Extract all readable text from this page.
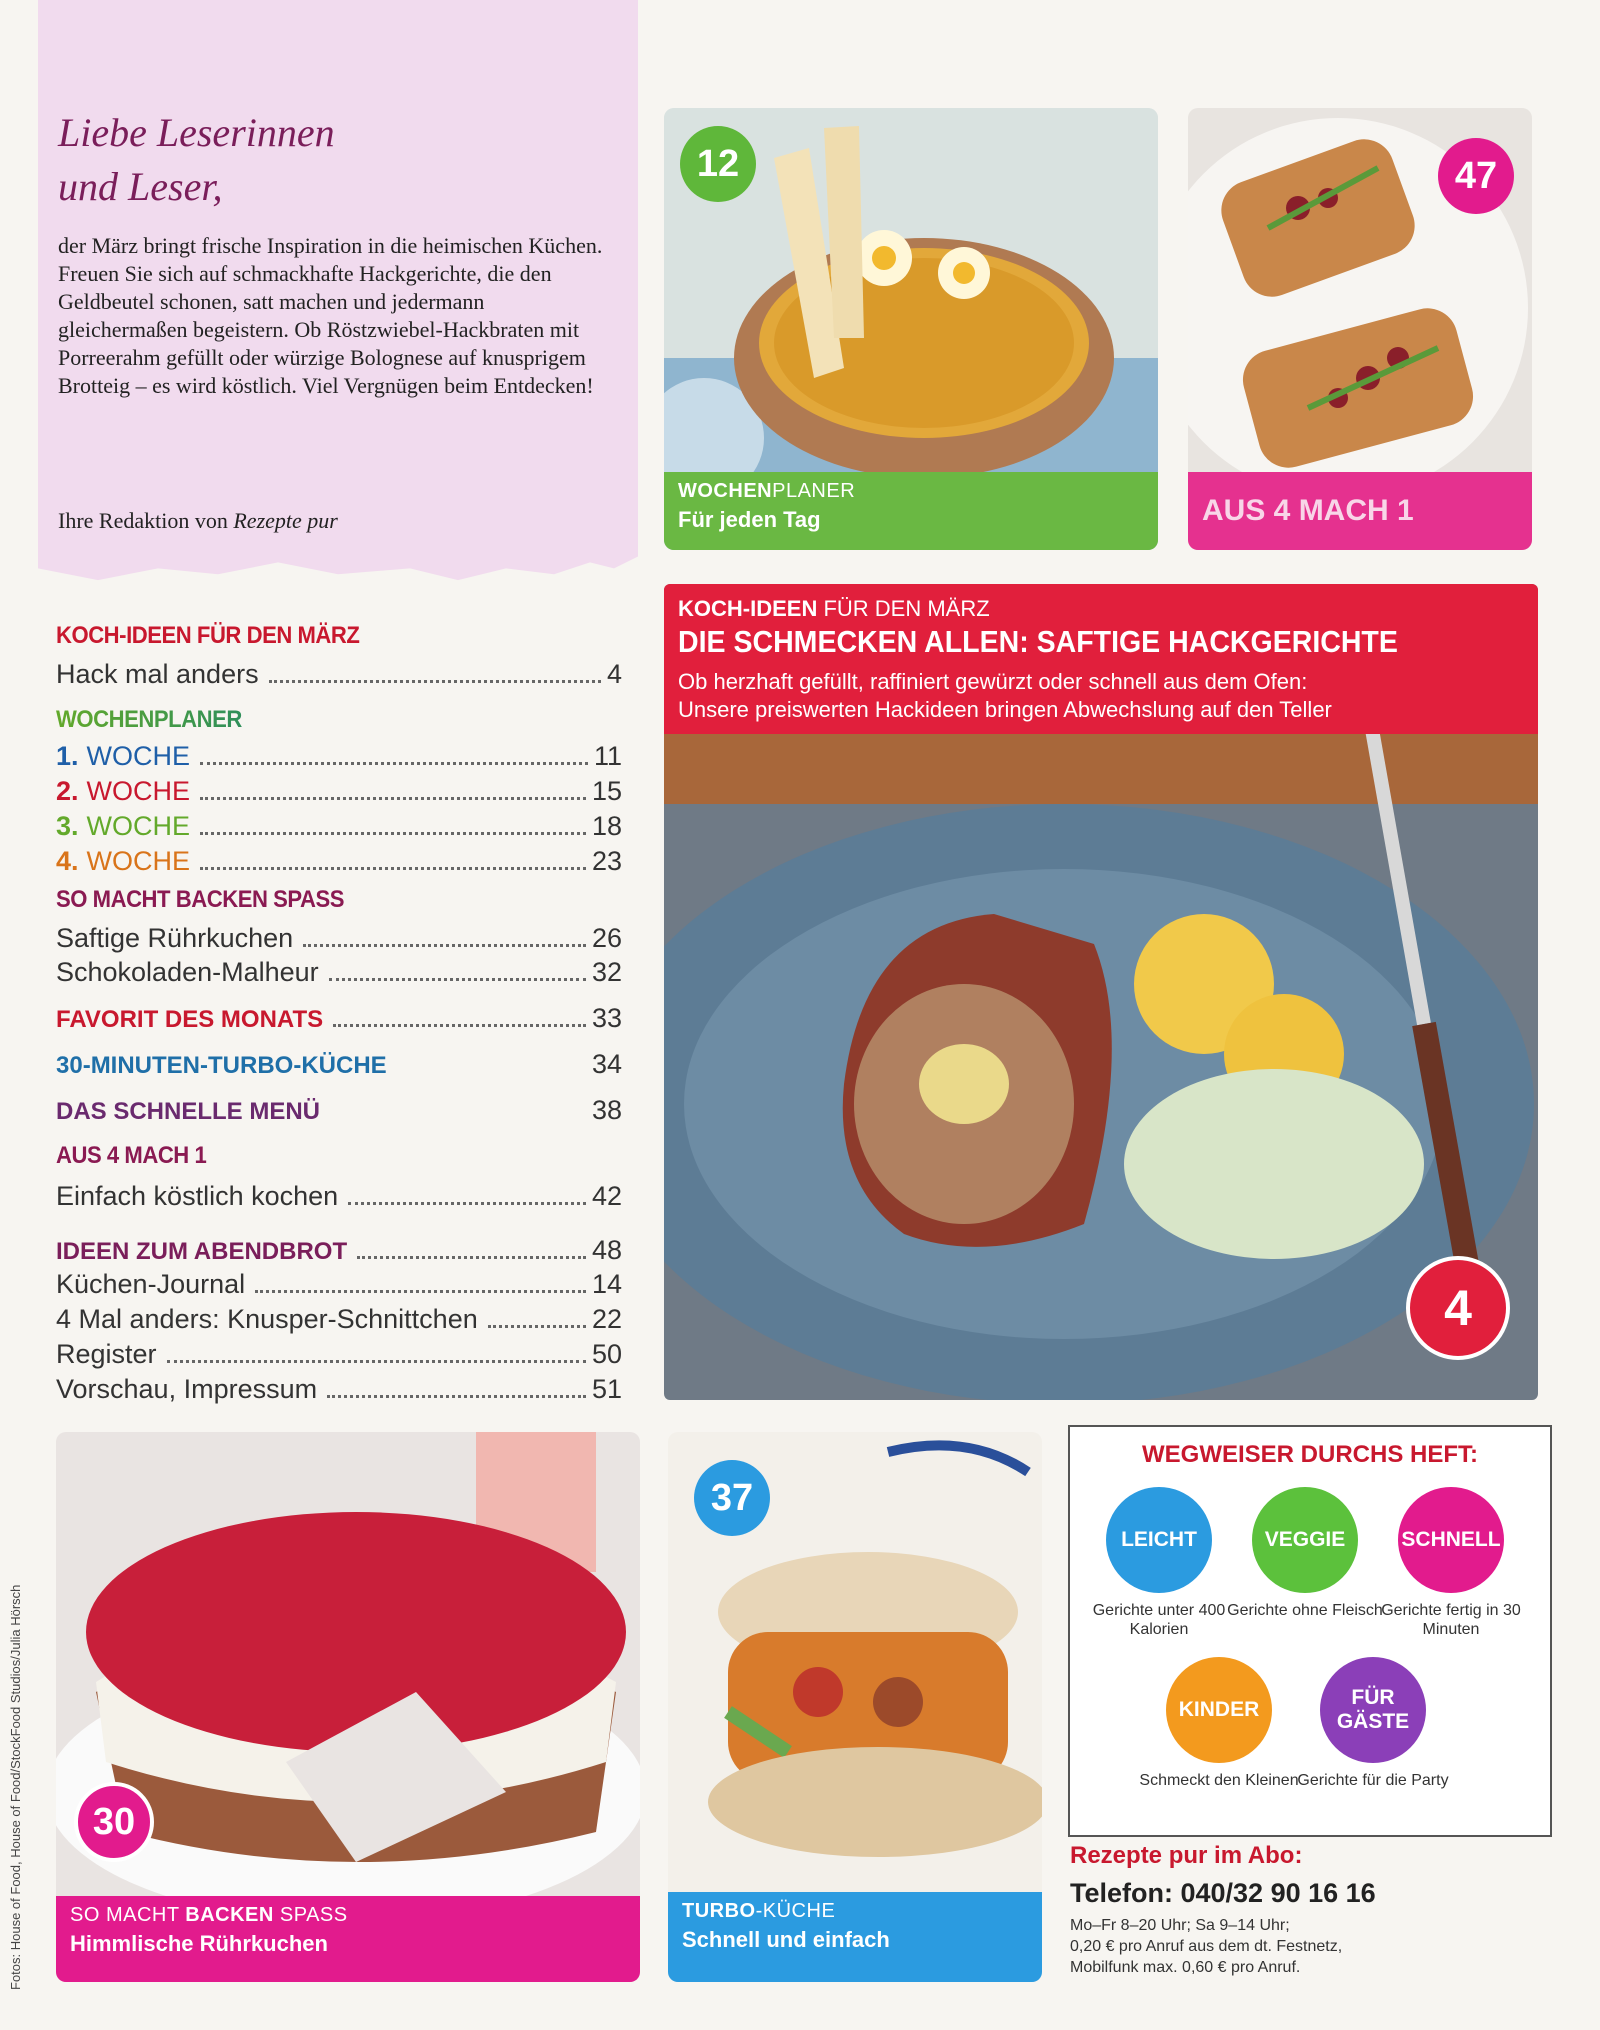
Liebe Leserinnen
und Leser,
der März bringt frische Inspiration in die heimischen Küchen. Freuen Sie sich auf schmackhafte Hackgerichte, die den Geldbeutel schonen, satt machen und jedermann gleichermaßen begeistern. Ob Röstzwiebel-Hackbraten mit Porreerahm gefüllt oder würzige Bolognese auf knusprigem Brotteig – es wird köstlich. Viel Vergnügen beim Entdecken!
Ihre Redaktion von Rezepte pur
KOCH-IDEEN FÜR DEN MÄRZ
Hack mal anders	4
WOCHENPLANER
1. WOCHE	11
2. WOCHE	15
3. WOCHE	18
4. WOCHE	23
SO MACHT BACKEN SPASS
Saftige Rührkuchen	26
Schokoladen-Malheur	32
FAVORIT DES MONATS	33
30-MINUTEN-TURBO-KÜCHE	34
DAS SCHNELLE MENÜ	38
AUS 4 MACH 1
Einfach köstlich kochen	42
IDEEN ZUM ABENDBROT	48
Küchen-Journal	14
4 Mal anders: Knusper-Schnittchen	22
Register	50
Vorschau, Impressum	51
12
WOCHENPLANER
Für jeden Tag
47
AUS 4 MACH 1
KOCH-IDEEN FÜR DEN MÄRZ
DIE SCHMECKEN ALLEN: SAFTIGE HACKGERICHTE
Ob herzhaft gefüllt, raffiniert gewürzt oder schnell aus dem Ofen:
Unsere preiswerten Hackideen bringen Abwechslung auf den Teller
4
30
SO MACHT BACKEN SPASS
Himmlische Rührkuchen
37
TURBO-KÜCHE
Schnell und einfach
WEGWEISER DURCHS HEFT:
LEICHT
Gerichte unter 400 Kalorien
VEGGIE
Gerichte ohne Fleisch
SCHNELL
Gerichte fertig in 30 Minuten
KINDER
Schmeckt den Kleinen
FÜR GÄSTE
Gerichte für die Party
Rezepte pur im Abo:
Telefon: 040/32 90 16 16
Mo–Fr 8–20 Uhr; Sa 9–14 Uhr;
0,20 € pro Anruf aus dem dt. Festnetz,
Mobilfunk max. 0,60 € pro Anruf.
Fotos: House of Food, House of Food/StockFood Studios/Julia Hörsch
